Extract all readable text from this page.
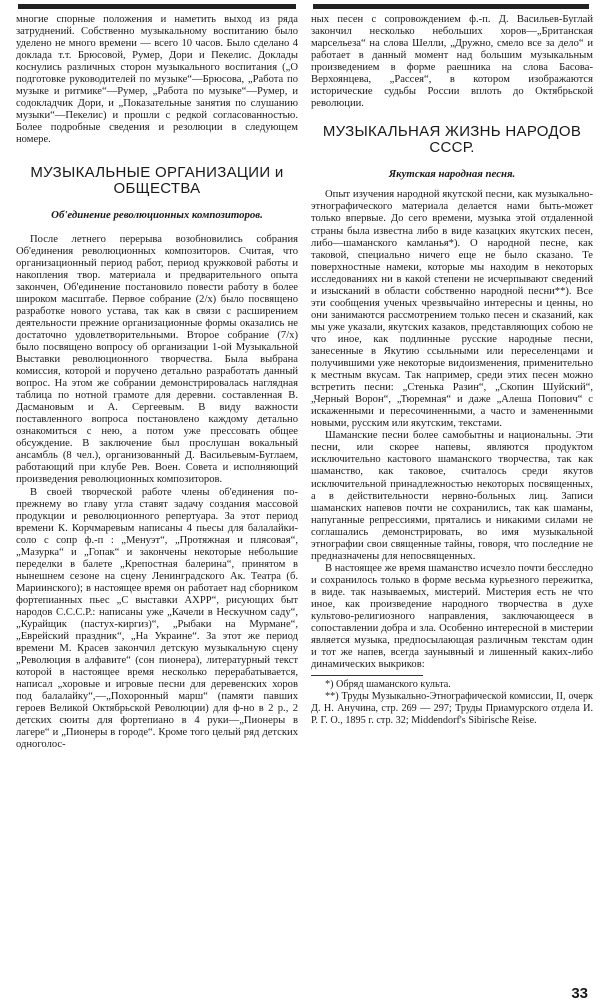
многие спорные положения и наметить выход из ряда затруднений. Собственно музыкальному воспитанию было уделено не много времени — всего 10 часов. Было сделано 4 доклада т.т. Брюсовой, Румер, Дори и Пекелис. Доклады коснулись различных сторон музыкального воспитания („О подготовке руководителей по музыке“—Брюсова, „Работа по музыке и ритмике“—Румер, „Работа по музыке“—Румер, и содокладчик Дори, и „Показательные занятия по слушанию музыки“—Пекелис) и прошли с редкой согласованностью. Более подробные сведения и резолюции в следующем номере.

МУЗЫКАЛЬНЫЕ ОРГАНИЗАЦИИ и ОБЩЕСТВА
Об'единение революционных композиторов.

После летнего перерыва возобновились собрания Об'единения революционных композиторов. Считая, что организационный период работ, период кружковой работы и накопления твор. материала и предварительного опыта закончен, Об'единение постановило повести работу в более широком масштабе. Первое собрание (2/х) было посвящено разработке нового устава, так как в связи с расширением деятельности прежние организационные формы оказались не достаточно удовлетворительными. Второе собрание (7/х) было посвящено вопросу об организации 1-ой Музыкальной Выставки революционного творчества. Была выбрана комиссия, которой и поручено детально разработать данный вопрос. На этом же собрании демонстрировалась наглядная таблица по нотной грамоте для деревни. составленная В. Дасмановым и А. Сергеевым. В виду важности поставленного вопроса постановлено каждому детально ознакомиться с нею, а потом уже прессовать общее обсуждение. В заключение был прослушан вокальный ансамбль (8 чел.), организованный Д. Васильевым-Буглаем, работающий при клубе Рев. Воен. Совета и исполняющий произведения революционных композиторов.

В своей творческой работе члены об'единения по-прежнему во главу угла ставят задачу создания массовой продукции и революционного репертуара. За этот период времени К. Корчмаревым написаны 4 пьесы для балалайки-соло с сопр ф.-п : „Менуэт“, „Протяжная и плясовая“, „Мазурка“ и „Гопак“ и закончены некоторые небольшие переделки в балете „Крепостная балерина“, принятом в нынешнем сезоне на сцену Ленинградского Ак. Театра (б. Мариинского); в настоящее время он работает над сборником фортепианных пьес „С выставки АХРР“, рисующих быт народов С.С.С.Р.: написаны уже „Качели в Нескучном саду“, „Курайщик (пастух-киргиз)“, „Рыбаки на Мурмане“, „Еврейский праздник“, „На Украине“. За этот же период времени М. Красев закончил детскую музыкальную сцену „Революция в алфавите“ (сон пионера), литературный текст которой в настоящее время несколько перерабатывается, написал „хоровые и игровые песни для деревенских хоров под балалайку“,—„Похоронный марш“ (памяти павших героев Великой Октябрьской Революции) для ф-но в 2 р., 2 детских сюиты для фортепиано в 4 руки—„Пионеры в лагере“ и „Пионеры в городе“. Кроме того целый ряд детских одноголос-

ных песен с сопровождением ф.-п. Д. Васильев-Буглай закончил несколько небольших хоров—„Британская марсельеза“ на слова Шелли, „Дружно, смело все за дело“ и работает в данный момент над большим музыкальным произведением в форме раешника на слова Басова-Верхоянцева, „Рассея“, в котором изображаются исторические судьбы России вплоть до Октябрьской революции.

МУЗЫКАЛЬНАЯ ЖИЗНЬ НАРОДОВ СССР.
Якутская народная песня.

Опыт изучения народной якутской песни, как музыкально-этнографического материала делается нами быть-может только впервые. До сего времени, музыка этой отдаленной страны была известна либо в виде казацких якутских песен, либо—шаманского камланья*). О народной песне, как таковой, специально ничего еще не было сказано. Те поверхностные намеки, которые мы находим в некоторых исследованиях ни в какой степени не исчерпывают сведений и изысканий в области собственно народной песни**). Все эти сообщения ученых чрезвычайно интересны и ценны, но они занимаются рассмотрением только песен и сказаний, как мы уже указали, якутских казаков, представляющих собою не что иное, как подлинные русские народные песни, занесенные в Якутию ссыльными или переселенцами и получившими уже некоторые видоизменения, применительно к местным вкусам. Так например, среди этих песен можно встретить песни: „Стенька Разин“, „Скопин Шуйский“, „Черный Ворон“, „Тюремная“ и даже „Алеша Попович“ с искаженными и пересочиненными, а часто и замененными новыми, русским или якутским, текстами.

Шаманские песни более самобытны и национальны. Эти песни, или скорее напевы, являются продуктом исключительно кастового шаманского творчества, так как шаманство, как таковое, считалось среди якутов исключительной принадлежностью некоторых посвященных, а в действительности нервно-больных лиц. Записи шаманских напевов почти не сохранились, так как шаманы, напуганные репрессиями, прятались и никакими силами не соглашались демонстрировать, во имя музыкальной этнографии свои священные тайны, говоря, что последние не предназначены для непосвященных.

В настоящее же время шаманство исчезло почти бесследно и сохранилось только в форме весьма курьезного пережитка, в виде. так называемых, мистерий. Мистерия есть не что иное, как произведение народного творчества в духе культово-религиозного направления, заключающееся в сопоставлении добра и зла. Особенно интересной в мистерии является музыка, предпосылающая различным текстам один и тот же напев, всегда заунывный и лишенный каких-либо динамических выкриков:

*) Обряд шаманского культа.

**) Труды Музыкально-Этнографической комиссии, II, очерк Д. Н. Анучина, стр. 269 — 297; Труды Приамурского отдела И. Р. Г. О., 1895 г. стр. 32; Middendorf's Sibirische Reise.

33
